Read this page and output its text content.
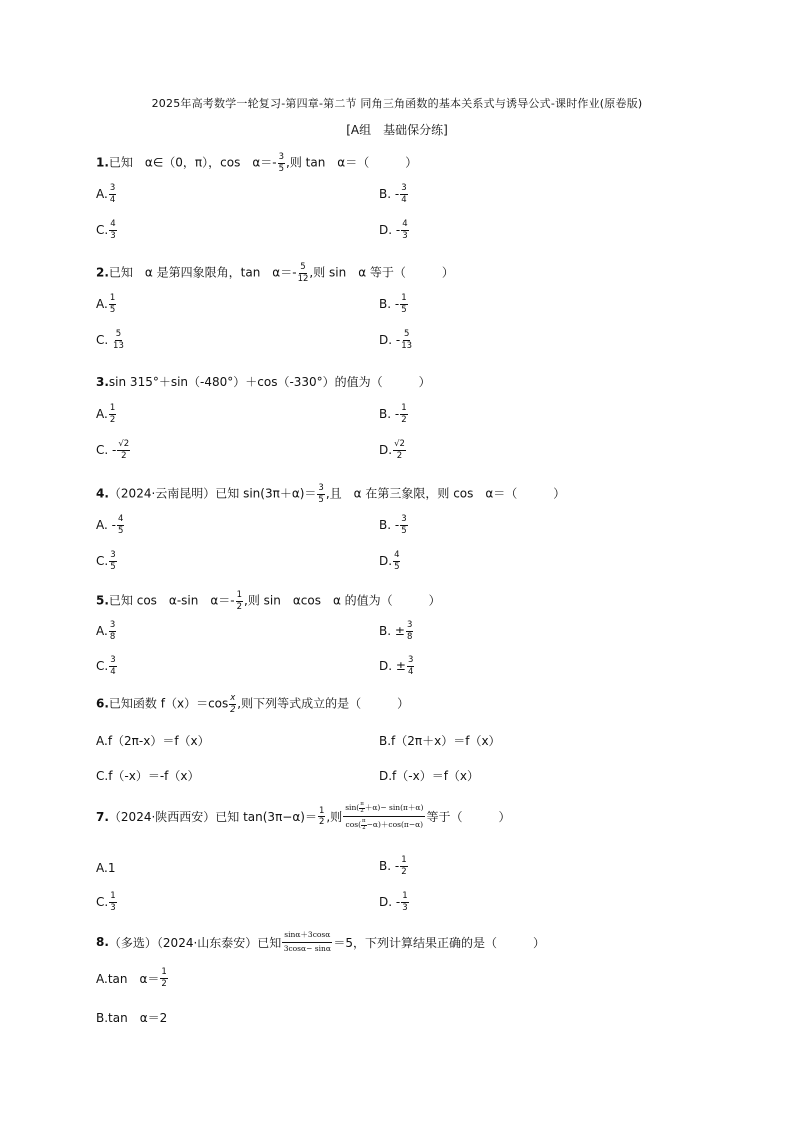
2025年高考数学一轮复习-第四章-第二节 同角三角函数的基本关系式与诱导公式-课时作业(原卷版)
[A组　基础保分练]
1.已知　α∈（0，π），cos　$\alpha=- \frac{3}{5}$ ,则 tan　α＝（　　　）
A. $\frac{3}{4}$	B.
- $\frac{3}{4}$
C. $\frac{4}{3}$	D.
- $\frac{4}{3}$
2.已知　α 是第四象限角，tan　$\alpha=- \frac{5}{12}$ ,则 sin　α 等于（　　　）
A. $\frac{1}{5}$	B.
- $\frac{1}{5}$
C.
$\frac{5}{13}$	D.
- $\frac{5}{13}$
3.sin 315°＋sin（-480°）＋cos（-330°）的值为（　　　）
A. $\frac{1}{2}$	B.
- $\frac{1}{2}$
C.
- $\frac{√2}{2}$	D. $\frac{√2}{2}$
4.（2024·云南昆明）已知 $\sin(3\pi+\alpha)= \frac{3}{5}$ ,且　α 在第三象限，则 cos　α＝（　　　）
A.
- $\frac{4}{5}$	B.
- $\frac{3}{5}$
C. $\frac{3}{5}$	D. $\frac{4}{5}$
5.已知 cos　α-sin　$\alpha=- \frac{1}{2}$ ,则 sin　αcos　α 的值为（　　　）
A. $\frac{3}{8}$	B.
± $\frac{3}{8}$
C. $\frac{3}{4}$	D.
± $\frac{3}{4}$
6.已知函数 $f(x)=\cos \frac{x}{2}$ ,则下列等式成立的是（　　　）
A.f（2π-x）＝f（x）	B.f（2π＋x）＝f（x）
C.f（-x）＝-f（x）	D.f（-x）＝f（x）
7. （2024·陕西西安）已知 $\tan(3\pi-\alpha)= \frac{1}{2}$ ,则 $\frac{\sin( \frac{\pi}{2} +\alpha)- \sin(\pi+\alpha)}{\cos( \frac{\pi}{2} -\alpha)+\cos(\pi-\alpha)}$ 等于（　　　）
A. 1	B.
- $\frac{1}{2}$
C. $\frac{1}{3}$	D.
- $\frac{1}{3}$
8. （多选）（2024·山东泰安）已知 $\frac{\sin\alpha+3\cos\alpha}{3\cos\alpha- \sin\alpha} =5$，下列计算结果正确的是（　　　）
A.tan　$\alpha= \frac{1}{2}$
B.tan　α＝2
